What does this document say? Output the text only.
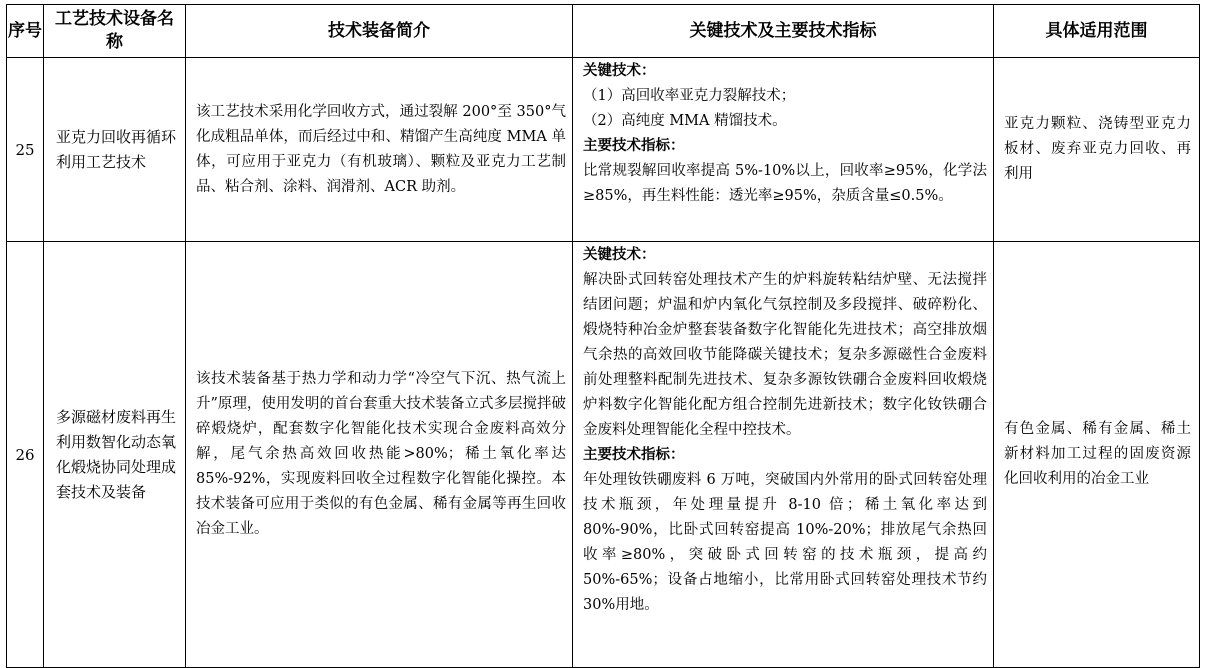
序号	工艺技术设备名称	技术装备简介	关键技术及主要技术指标	具体适用范围
25	亚克力回收再循环利用工艺技术	该工艺技术采用化学回收方式，通过裂解 200°至 350°气化成粗品单体，而后经过中和、精馏产生高纯度 MMA 单体，可应用于亚克力（有机玻璃）、颗粒及亚克力工艺制品、粘合剂、涂料、润滑剂、ACR 助剂。	关键技术：
（1）高回收率亚克力裂解技术；
（2）高纯度 MMA 精馏技术。
主要技术指标：
比常规裂解回收率提高 5%-10%以上，回收率≥95%，化学法≥85%，再生料性能：透光率≥95%，杂质含量≤0.5%。	亚克力颗粒、浇铸型亚克力板材、废弃亚克力回收、再利用
26	多源磁材废料再生利用数智化动态氧化煅烧协同处理成套技术及装备	该技术装备基于热力学和动力学“冷空气下沉、热气流上升”原理，使用发明的首台套重大技术装备立式多层搅拌破碎煅烧炉，配套数字化智能化技术实现合金废料高效分解，尾气余热高效回收热能>80%；稀土氧化率达 85%-92%，实现废料回收全过程数字化智能化操控。本技术装备可应用于类似的有色金属、稀有金属等再生回收冶金工业。	关键技术：
解决卧式回转窑处理技术产生的炉料旋转粘结炉壁、无法搅拌结团问题；炉温和炉内氧化气氛控制及多段搅拌、破碎粉化、煅烧特种冶金炉整套装备数字化智能化先进技术；高空排放烟气余热的高效回收节能降碳关键技术；复杂多源磁性合金废料前处理整料配制先进技术、复杂多源钕铁硼合金废料回收煅烧炉料数字化智能化配方组合控制先进新技术；数字化钕铁硼合金废料处理智能化全程中控技术。
主要技术指标：
年处理钕铁硼废料 6 万吨，突破国内外常用的卧式回转窑处理技术瓶颈，年处理量提升 8-10 倍；稀土氧化率达到 80%-90%，比卧式回转窑提高 10%-20%；排放尾气余热回收率≥80%，突破卧式回转窑的技术瓶颈，提高约 50%-65%；设备占地缩小，比常用卧式回转窑处理技术节约 30%用地。	有色金属、稀有金属、稀土新材料加工过程的固废资源化回收利用的冶金工业
